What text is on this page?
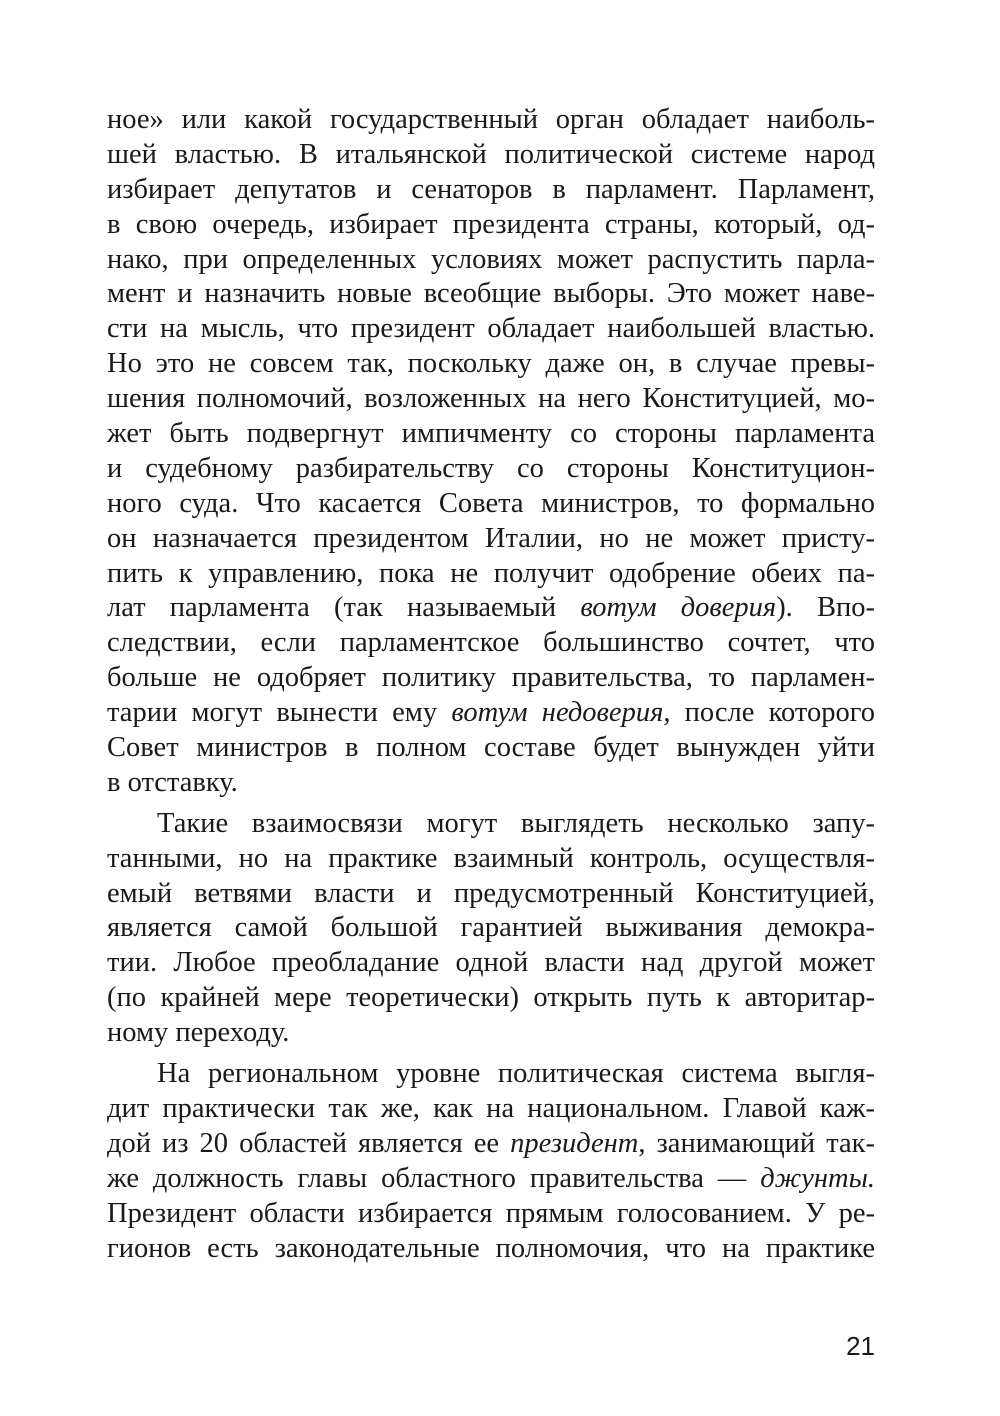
ное» или какой государственный орган обладает наиболь-
шей властью. В итальянской политической системе народ
избирает депутатов и сенаторов в парламент. Парламент,
в свою очередь, избирает президента страны, который, од-
нако, при определенных условиях может распустить парла-
мент и назначить новые всеобщие выборы. Это может наве-
сти на мысль, что президент обладает наибольшей властью.
Но это не совсем так, поскольку даже он, в случае превы-
шения полномочий, возложенных на него Конституцией, мо-
жет быть подвергнут импичменту со стороны парламента
и судебному разбирательству со стороны Конституцион-
ного суда. Что касается Совета министров, то формально
он назначается президентом Италии, но не может присту-
пить к управлению, пока не получит одобрение обеих па-
лат парламента (так называемый вотум доверия). Впо-
следствии, если парламентское большинство сочтет, что
больше не одобряет политику правительства, то парламен-
тарии могут вынести ему вотум недоверия, после которого
Совет министров в полном составе будет вынужден уйти
в отставку.
Такие взаимосвязи могут выглядеть несколько запу-
танными, но на практике взаимный контроль, осуществля-
емый ветвями власти и предусмотренный Конституцией,
является самой большой гарантией выживания демокра-
тии. Любое преобладание одной власти над другой может
(по крайней мере теоретически) открыть путь к авторитар-
ному переходу.
На региональном уровне политическая система выгля-
дит практически так же, как на национальном. Главой каж-
дой из 20 областей является ее президент, занимающий так-
же должность главы областного правительства — джунты.
Президент области избирается прямым голосованием. У ре-
гионов есть законодательные полномочия, что на практике
21
